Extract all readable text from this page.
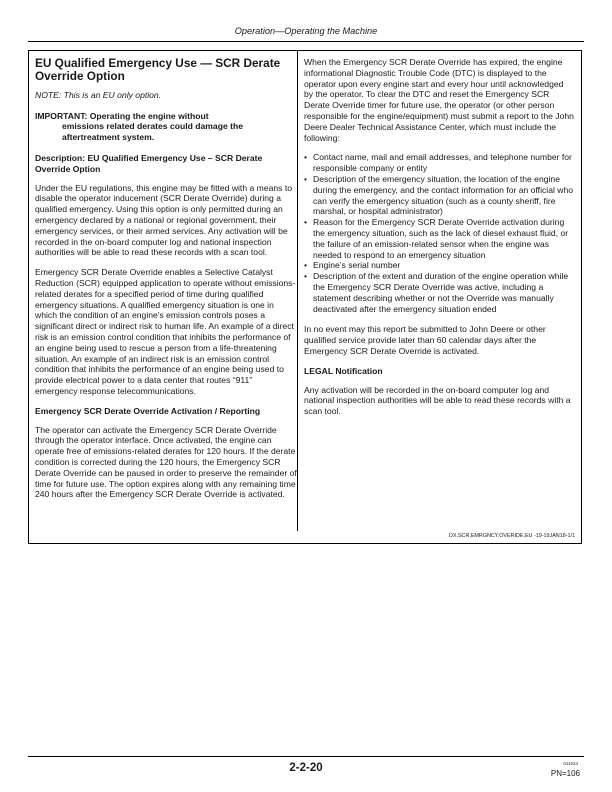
Operation—Operating the Machine
EU Qualified Emergency Use — SCR Derate Override Option

NOTE: This is an EU only option.

IMPORTANT: Operating the engine without

emissions related derates could damage the aftertreatment system.

Description: EU Qualified Emergency Use – SCR Derate Override Option

Under the EU regulations, this engine may be fitted with a means to disable the operator inducement (SCR Derate Override) during a qualified emergency. Using this option is only permitted during an emergency declared by a national or regional government, their emergency services, or their armed services. Any activation will be recorded in the on-board computer log and national inspection authorities will be able to read these records with a scan tool.

Emergency SCR Derate Override enables a Selective Catalyst Reduction (SCR) equipped application to operate without emissions-related derates for a specified period of time during qualified emergency situations. A qualified emergency situation is one in which the condition of an engine's emission controls poses a significant direct or indirect risk to human life. An example of a direct risk is an emission control condition that inhibits the performance of an engine being used to rescue a person from a life-threatening situation. An example of an indirect risk is an emission control condition that inhibits the performance of an engine being used to provide electrical power to a data center that routes “911” emergency response telecommunications.

Emergency SCR Derate Override Activation / Reporting

The operator can activate the Emergency SCR Derate Override through the operator interface. Once activated, the engine can operate free of emissions-related derates for 120 hours. If the derate condition is corrected during the 120 hours, the Emergency SCR Derate Override can be paused in order to preserve the remainder of time for future use. The option expires along with any remaining time 240 hours after the Emergency SCR Derate Override is activated.

When the Emergency SCR Derate Override has expired, the engine informational Diagnostic Trouble Code (DTC) is displayed to the operator upon every engine start and every hour until acknowledged by the operator. To clear the DTC and reset the Emergency SCR Derate Override timer for future use, the operator (or other person responsible for the engine/equipment) must submit a report to the John Deere Dealer Technical Assistance Center, which must include the following:

• Contact name, mail and email addresses, and telephone number for responsible company or entity
• Description of the emergency situation, the location of the engine during the emergency, and the contact information for an official who can verify the emergency situation (such as a county sheriff, fire marshal, or hospital administrator)
• Reason for the Emergency SCR Derate Override activation during the emergency situation, such as the lack of diesel exhaust fluid, or the failure of an emission-related sensor when the engine was needed to respond to an emergency situation
• Engine’s serial number
• Description of the extent and duration of the engine operation while the Emergency SCR Derate Override was active, including a statement describing whether or not the Override was manually deactivated after the emergency situation ended

In no event may this report be submitted to John Deere or other qualified service provide later than 60 calendar days after the Emergency SCR Derate Override is activated.

LEGAL Notification

Any activation will be recorded in the on-board computer log and national inspection authorities will be able to read these records with a scan tool.

DX,SCR,EMRGNCY,OVERIDE,EU -19-19JAN18-1/1
2-2-20	011524
PN=106
